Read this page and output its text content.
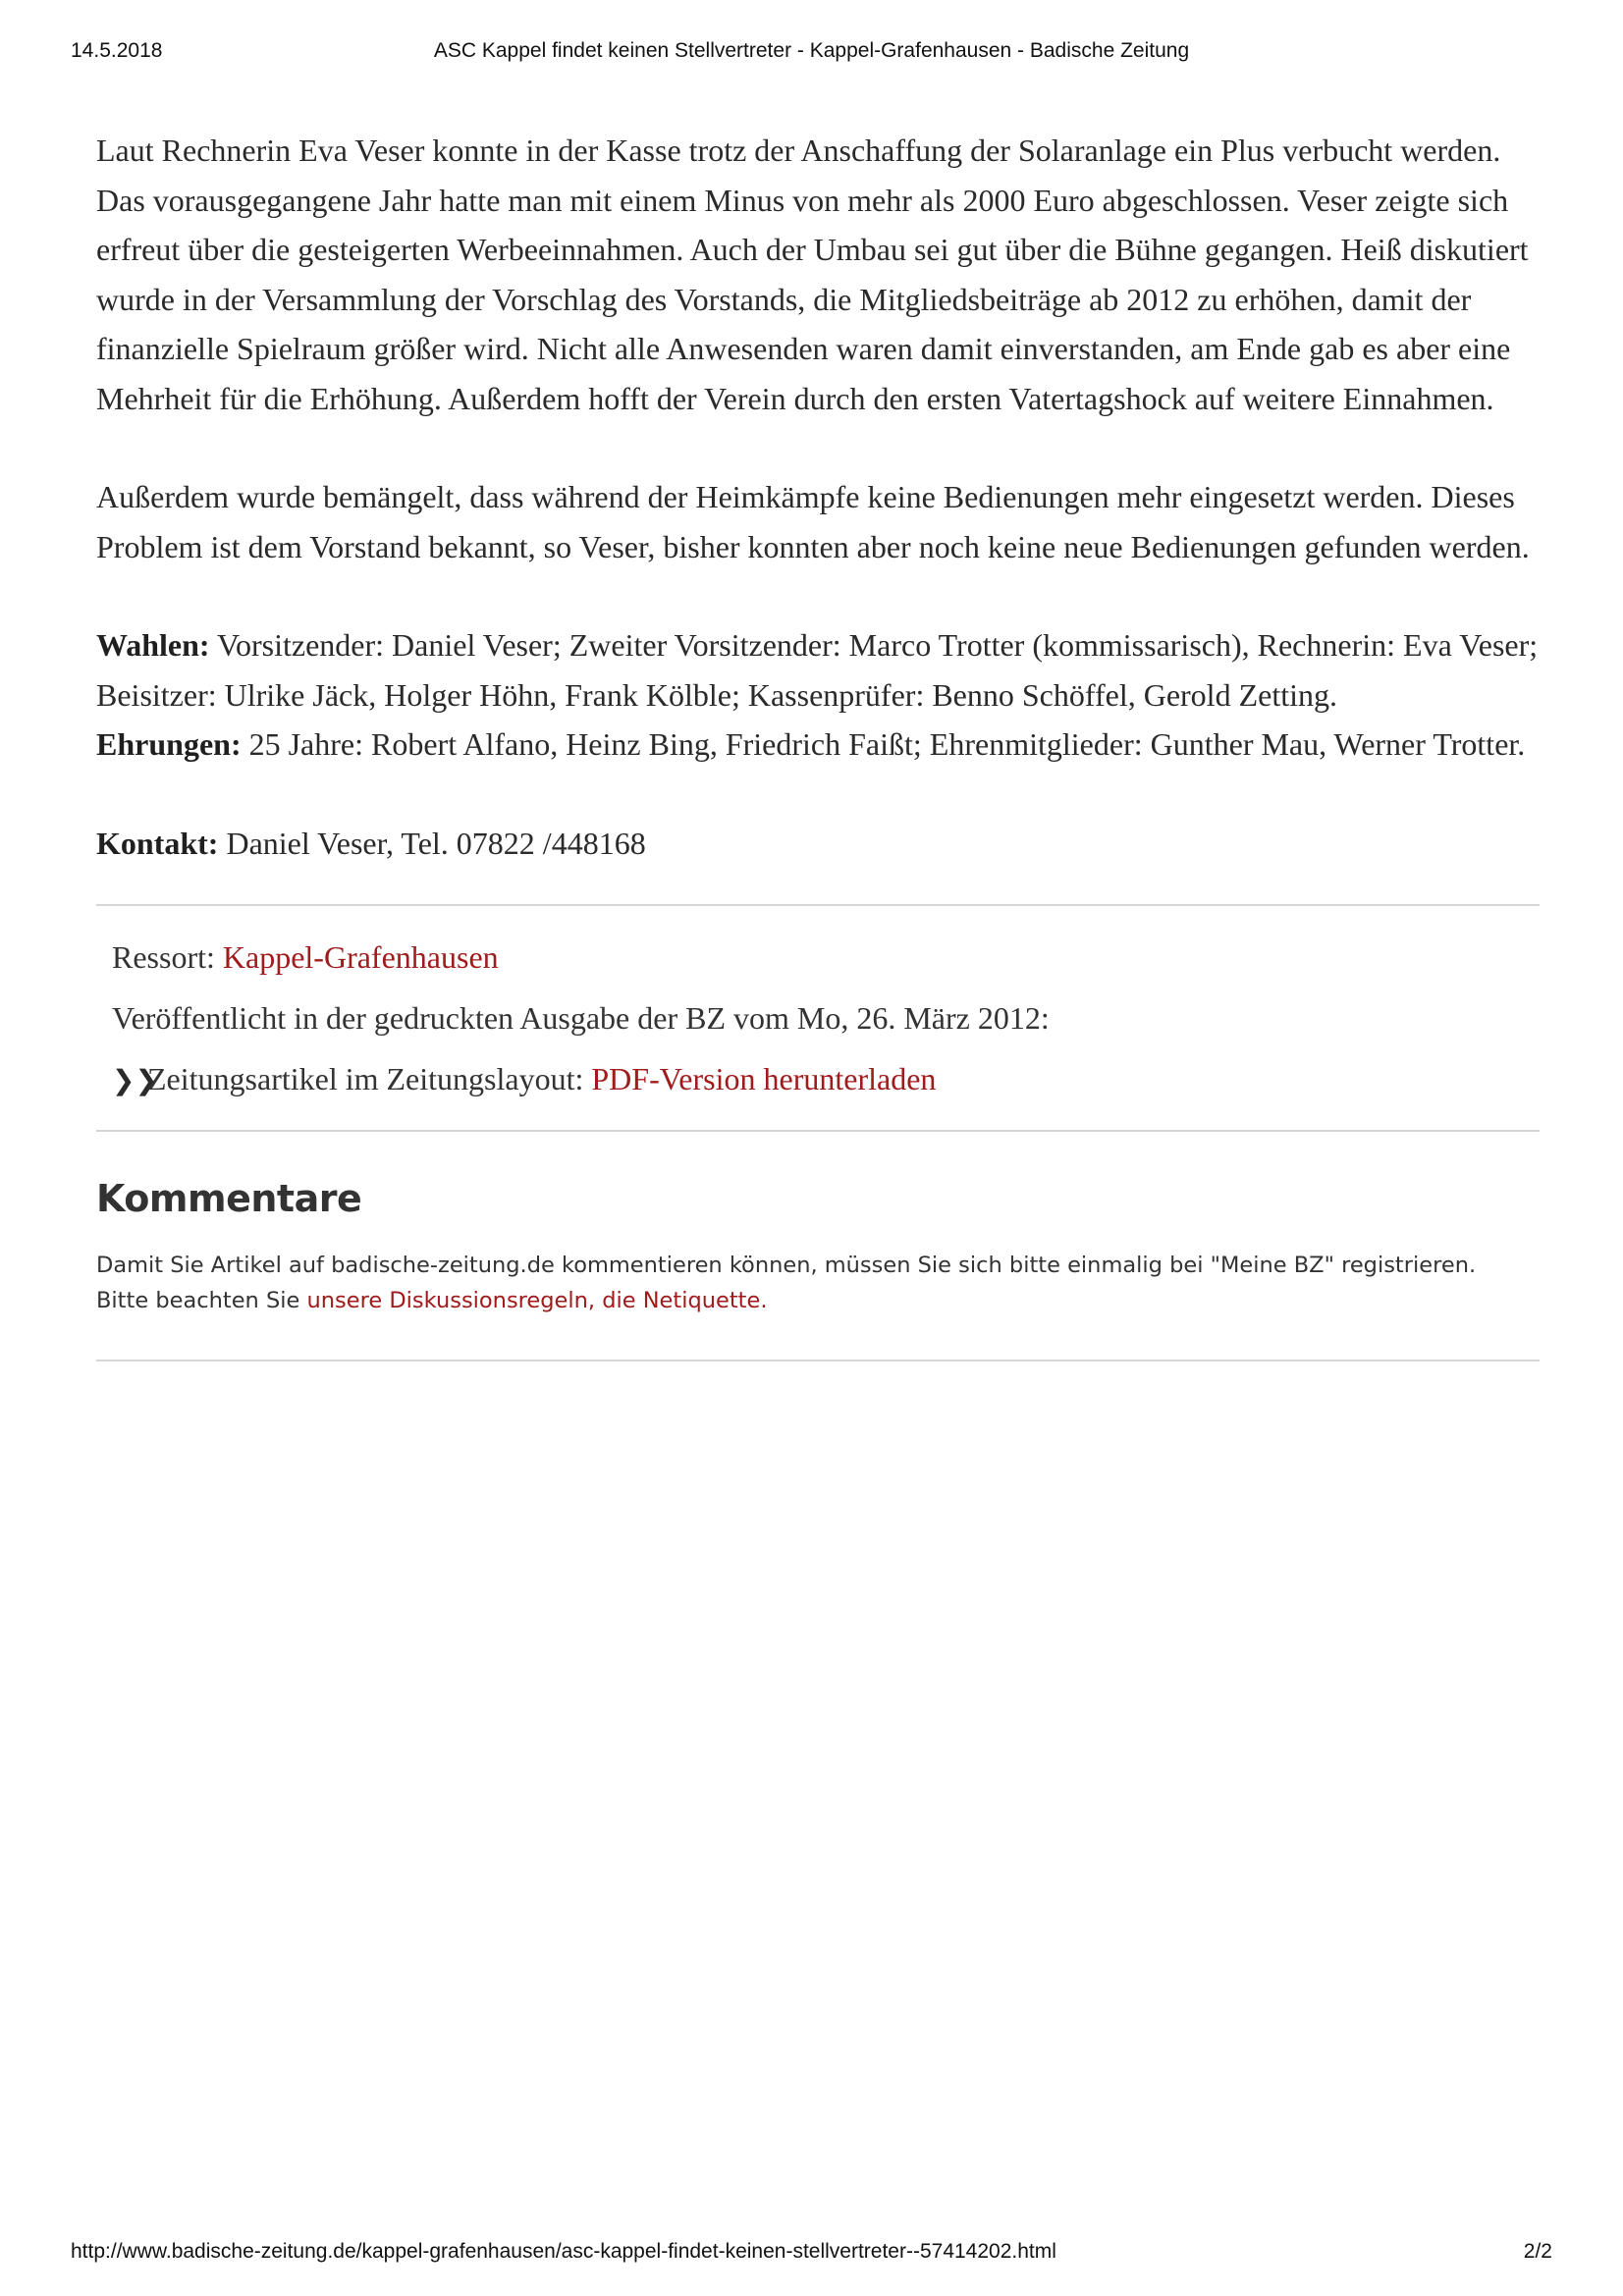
14.5.2018	ASC Kappel findet keinen Stellvertreter - Kappel-Grafenhausen - Badische Zeitung

Laut Rechnerin Eva Veser konnte in der Kasse trotz der Anschaffung der Solaranlage ein Plus verbucht werden. Das vorausgegangene Jahr hatte man mit einem Minus von mehr als 2000 Euro abgeschlossen. Veser zeigte sich erfreut über die gesteigerten Werbeeinnahmen. Auch der Umbau sei gut über die Bühne gegangen. Heiß diskutiert wurde in der Versammlung der Vorschlag des Vorstands, die Mitgliedsbeiträge ab 2012 zu erhöhen, damit der finanzielle Spielraum größer wird. Nicht alle Anwesenden waren damit einverstanden, am Ende gab es aber eine Mehrheit für die Erhöhung. Außerdem hofft der Verein durch den ersten Vatertagshock auf weitere Einnahmen.

Außerdem wurde bemängelt, dass während der Heimkämpfe keine Bedienungen mehr eingesetzt werden. Dieses Problem ist dem Vorstand bekannt, so Veser, bisher konnten aber noch keine neue Bedienungen gefunden werden.

Wahlen: Vorsitzender: Daniel Veser; Zweiter Vorsitzender: Marco Trotter (kommissarisch), Rechnerin: Eva Veser; Beisitzer: Ulrike Jäck, Holger Höhn, Frank Kölble; Kassenprüfer: Benno Schöffel, Gerold Zetting.

Ehrungen: 25 Jahre: Robert Alfano, Heinz Bing, Friedrich Faißt; Ehrenmitglieder: Gunther Mau, Werner Trotter.

Kontakt: Daniel Veser, Tel. 07822 /448168

Ressort: Kappel-Grafenhausen
Veröffentlicht in der gedruckten Ausgabe der BZ vom Mo, 26. März 2012:
❯❯Zeitungsartikel im Zeitungslayout: PDF-Version herunterladen
Kommentare

Damit Sie Artikel auf badische-zeitung.de kommentieren können, müssen Sie sich bitte einmalig bei "Meine BZ" registrieren.
Bitte beachten Sie unsere Diskussionsregeln, die Netiquette.

http://www.badische-zeitung.de/kappel-grafenhausen/asc-kappel-findet-keinen-stellvertreter--57414202.html	2/2
